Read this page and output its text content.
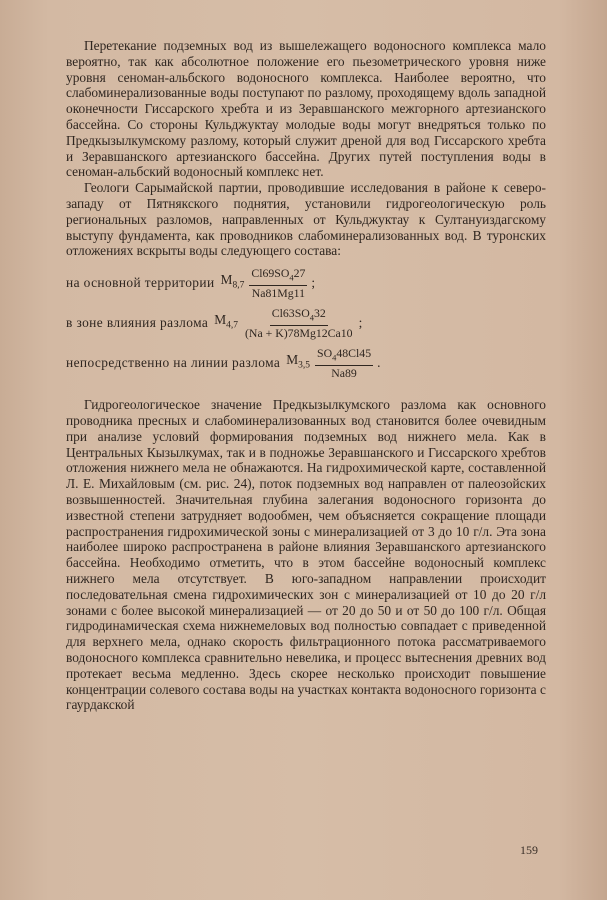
Перетекание подземных вод из вышележащего водоносного комплекса мало вероятно, так как абсолютное положение его пьезометрического уровня ниже уровня сеноман-альбского водоносного комплекса. Наиболее вероятно, что слабоминерализованные воды поступают по разлому, проходящему вдоль западной оконечности Гиссарского хребта и из Зеравшанского межгорного артезианского бассейна. Со стороны Кульджуктау молодые воды могут внедряться только по Предкызылкумскому разлому, который служит дреной для вод Гиссарского хребта и Зеравшанского артезианского бассейна. Других путей поступления воды в сеноман-альбский водоносный комплекс нет.

Геологи Сарымайской партии, проводившие исследования в районе к северо-западу от Пятнякского поднятия, установили гидрогеологическую роль региональных разломов, направленных от Кульджуктау к Султануиздагскому выступу фундамента, как проводников слабоминерализованных вод. В туронских отложениях вскрыты воды следующего состава:

на основной территории $M_{8,7} \frac{Cl69SO_427}{Na81Mg11}$ ;
в зоне влияния разлома $M_{4,7} \frac{Cl63SO_432}{(Na + K)78Mg12Ca10}$ ;
непосредственно на линии разлома $M_{3,5} \frac{SO_448Cl45}{Na89}$ .

Гидрогеологическое значение Предкызылкумского разлома как основного проводника пресных и слабоминерализованных вод становится более очевидным при анализе условий формирования подземных вод нижнего мела. Как в Центральных Кызылкумах, так и в подножье Зеравшанского и Гиссарского хребтов отложения нижнего мела не обнажаются. На гидрохимической карте, составленной Л. Е. Михайловым (см. рис. 24), поток подземных вод направлен от палеозойских возвышенностей. Значительная глубина залегания водоносного горизонта до известной степени затрудняет водообмен, чем объясняется сокращение площади распространения гидрохимической зоны с минерализацией от 3 до 10 г/л. Эта зона наиболее широко распространена в районе влияния Зеравшанского артезианского бассейна. Необходимо отметить, что в этом бассейне водоносный комплекс нижнего мела отсутствует. В юго-западном направлении происходит последовательная смена гидрохимических зон с минерализацией от 10 до 20 г/л зонами с более высокой минерализацией — от 20 до 50 и от 50 до 100 г/л. Общая гидродинамическая схема нижнемеловых вод полностью совпадает с приведенной для верхнего мела, однако скорость фильтрационного потока рассматриваемого водоносного комплекса сравнительно невелика, и процесс вытеснения древних вод протекает весьма медленно. Здесь скорее несколько происходит повышение концентрации солевого состава воды на участках контакта водоносного горизонта с гаурдакской

159
